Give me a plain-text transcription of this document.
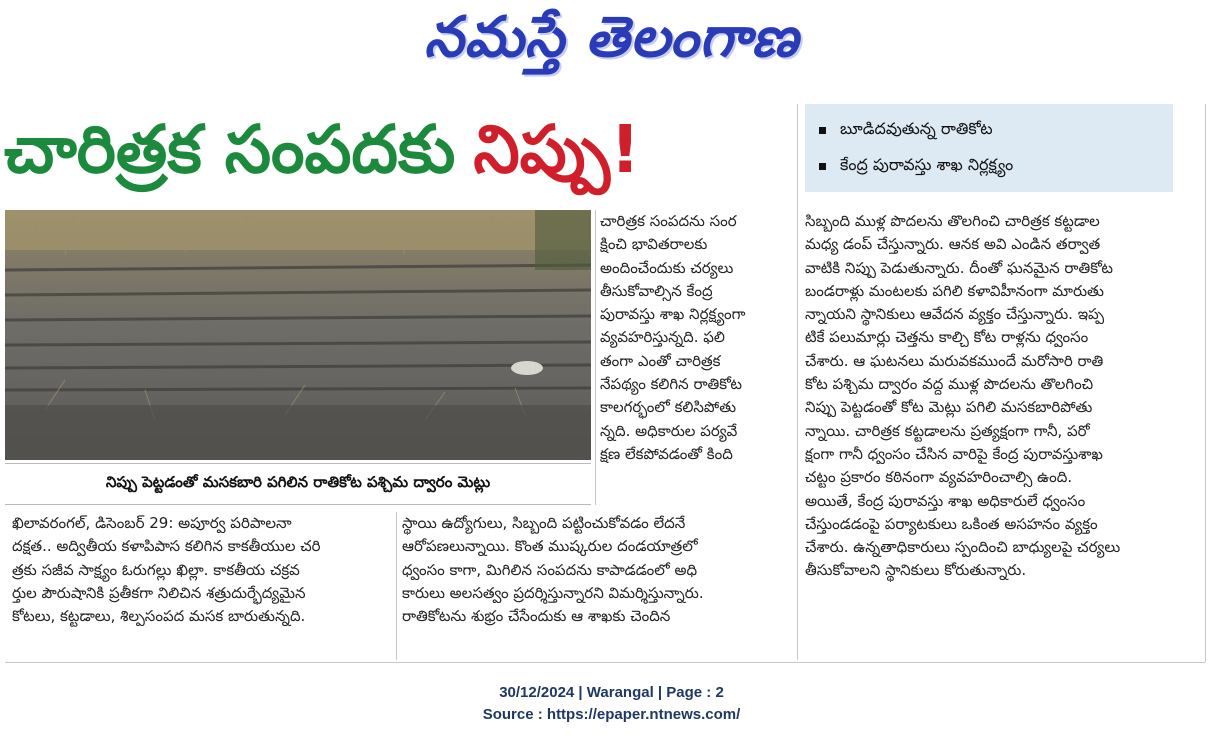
నమస్తే తెలంగాణ
చారిత్రక సంపదకు నిప్పు!	బూడిదవుతున్న రాతికోట
కేంద్ర పురావస్తు శాఖ నిర్లక్ష్యం
నిప్పు పెట్టడంతో మసకబారి పగిలిన రాతికోట పశ్చిమ ద్వారం మెట్లు
చారిత్రక సంపదను సంర
క్షించి భావితరాలకు
అందించేందుకు చర్యలు
తీసుకోవాల్సిన కేంద్ర
పురావస్తు శాఖ నిర్లక్ష్యంగా
వ్యవహరిస్తున్నది. ఫలి
తంగా ఎంతో చారిత్రక
నేపథ్యం కలిగిన రాతికోట
కాలగర్భంలో కలిసిపోతు
న్నది. అధికారుల పర్యవే
క్షణ లేకపోవడంతో కింది
ఖిలావరంగల్, డిసెంబర్ 29: అపూర్వ పరిపాలనా
దక్షత.. అద్వితీయ కళాపిపాస కలిగిన కాకతీయుల చరి
త్రకు సజీవ సాక్ష్యం ఓరుగల్లు ఖిల్లా. కాకతీయ చక్రవ
ర్తుల పౌరుషానికి ప్రతీకగా నిలిచిన శత్రుదుర్భేద్యమైన
కోటలు, కట్టడాలు, శిల్పసంపద మసక బారుతున్నది.
స్థాయి ఉద్యోగులు, సిబ్బంది పట్టించుకోవడం లేదనే
ఆరోపణలున్నాయి. కొంత ముష్కరుల దండయాత్రలో
ధ్వంసం కాగా, మిగిలిన సంపదను కాపాడడంలో అధి
కారులు అలసత్వం ప్రదర్శిస్తున్నారని విమర్శిస్తున్నారు.
రాతికోటను శుభ్రం చేసేందుకు ఆ శాఖకు చెందిన
సిబ్బంది ముళ్ల పొదలను తొలగించి చారిత్రక కట్టడాల
మధ్య డంప్ చేస్తున్నారు. ఆనక అవి ఎండిన తర్వాత
వాటికి నిప్పు పెడుతున్నారు. దీంతో ఘనమైన రాతికోట
బండరాళ్లు మంటలకు పగిలి కళావిహీనంగా మారుతు
న్నాయని స్థానికులు ఆవేదన వ్యక్తం చేస్తున్నారు. ఇప్ప
టికే పలుమార్లు చెత్తను కాల్చి కోట రాళ్లను ధ్వంసం
చేశారు. ఆ ఘటనలు మరువకముందే మరోసారి రాతి
కోట పశ్చిమ ద్వారం వద్ద ముళ్ల పొదలను తొలగించి
నిప్పు పెట్టడంతో కోట మెట్లు పగిలి మసకబారిపోతు
న్నాయి. చారిత్రక కట్టడాలను ప్రత్యక్షంగా గానీ, పరో
క్షంగా గానీ ధ్వంసం చేసిన వారిపై కేంద్ర పురావస్తుశాఖ
చట్టం ప్రకారం కఠినంగా వ్యవహరించాల్సి ఉంది.
అయితే, కేంద్ర పురావస్తు శాఖ అధికారులే ధ్వంసం
చేస్తుండడంపై పర్యాటకులు ఒకింత అసహనం వ్యక్తం
చేశారు. ఉన్నతాధికారులు స్పందించి బాధ్యులపై చర్యలు
తీసుకోవాలని స్థానికులు కోరుతున్నారు.
30/12/2024 | Warangal | Page : 2
Source : https://epaper.ntnews.com/
